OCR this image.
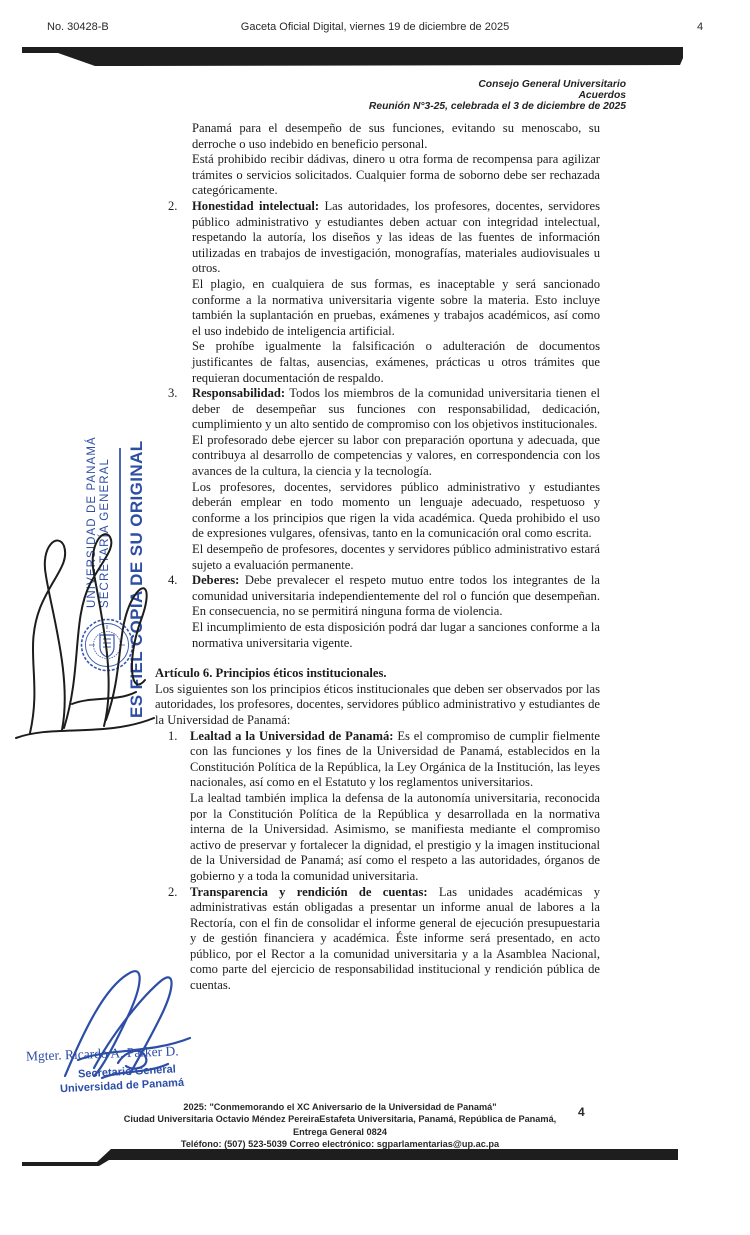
No. 30428-B	Gaceta Oficial Digital, viernes 19 de diciembre de 2025	4
Consejo General Universitario
Acuerdos
Reunión N°3-25, celebrada el 3 de diciembre de 2025
UNIVERSIDAD DE PANAMÁ SECRETARÍA GENERAL ES FIEL COPIA DE SU ORIGINAL

Panamá para el desempeño de sus funciones, evitando su menoscabo, su derroche o uso indebido en beneficio personal.

Está prohibido recibir dádivas, dinero u otra forma de recompensa para agilizar trámites o servicios solicitados. Cualquier forma de soborno debe ser rechazada categóricamente.

2. Honestidad intelectual: Las autoridades, los profesores, docentes, servidores público administrativo y estudiantes deben actuar con integridad intelectual, respetando la autoría, los diseños y las ideas de las fuentes de información utilizadas en trabajos de investigación, monografías, materiales audiovisuales u otros.

El plagio, en cualquiera de sus formas, es inaceptable y será sancionado conforme a la normativa universitaria vigente sobre la materia. Esto incluye también la suplantación en pruebas, exámenes y trabajos académicos, así como el uso indebido de inteligencia artificial.

Se prohíbe igualmente la falsificación o adulteración de documentos justificantes de faltas, ausencias, exámenes, prácticas u otros trámites que requieran documentación de respaldo.

3. Responsabilidad: Todos los miembros de la comunidad universitaria tienen el deber de desempeñar sus funciones con responsabilidad, dedicación, cumplimiento y un alto sentido de compromiso con los objetivos institucionales.

El profesorado debe ejercer su labor con preparación oportuna y adecuada, que contribuya al desarrollo de competencias y valores, en correspondencia con los avances de la cultura, la ciencia y la tecnología.

Los profesores, docentes, servidores público administrativo y estudiantes deberán emplear en todo momento un lenguaje adecuado, respetuoso y conforme a los principios que rigen la vida académica. Queda prohibido el uso de expresiones vulgares, ofensivas, tanto en la comunicación oral como escrita.

El desempeño de profesores, docentes y servidores público administrativo estará sujeto a evaluación permanente.

4. Deberes: Debe prevalecer el respeto mutuo entre todos los integrantes de la comunidad universitaria independientemente del rol o función que desempeñan. En consecuencia, no se permitirá ninguna forma de violencia.

El incumplimiento de esta disposición podrá dar lugar a sanciones conforme a la normativa universitaria vigente.

Artículo 6. Principios éticos institucionales.

Los siguientes son los principios éticos institucionales que deben ser observados por las autoridades, los profesores, docentes, servidores público administrativo y estudiantes de la Universidad de Panamá:

1. Lealtad a la Universidad de Panamá: Es el compromiso de cumplir fielmente con las funciones y los fines de la Universidad de Panamá, establecidos en la Constitución Política de la República, la Ley Orgánica de la Institución, las leyes nacionales, así como en el Estatuto y los reglamentos universitarios.

La lealtad también implica la defensa de la autonomía universitaria, reconocida por la Constitución Política de la República y desarrollada en la normativa interna de la Universidad. Asimismo, se manifiesta mediante el compromiso activo de preservar y fortalecer la dignidad, el prestigio y la imagen institucional de la Universidad de Panamá; así como el respeto a las autoridades, órganos de gobierno y a toda la comunidad universitaria.

2. Transparencia y rendición de cuentas: Las unidades académicas y administrativas están obligadas a presentar un informe anual de labores a la Rectoría, con el fin de consolidar el informe general de ejecución presupuestaria y de gestión financiera y académica. Éste informe será presentado, en acto público, por el Rector a la comunidad universitaria y a la Asamblea Nacional, como parte del ejercicio de responsabilidad institucional y rendición pública de cuentas.

Mgter. Ricardo A. Parker D.
Secretario General
Universidad de Panamá
2025: "Conmemorando el XC Aniversario de la Universidad de Panamá"
Ciudad Universitaria Octavio Méndez PereiraEstafeta Universitaria, Panamá, República de Panamá, Entrega General 0824
Teléfono: (507) 523-5039 Correo electrónico: sgparlamentarias@up.ac.pa
4
